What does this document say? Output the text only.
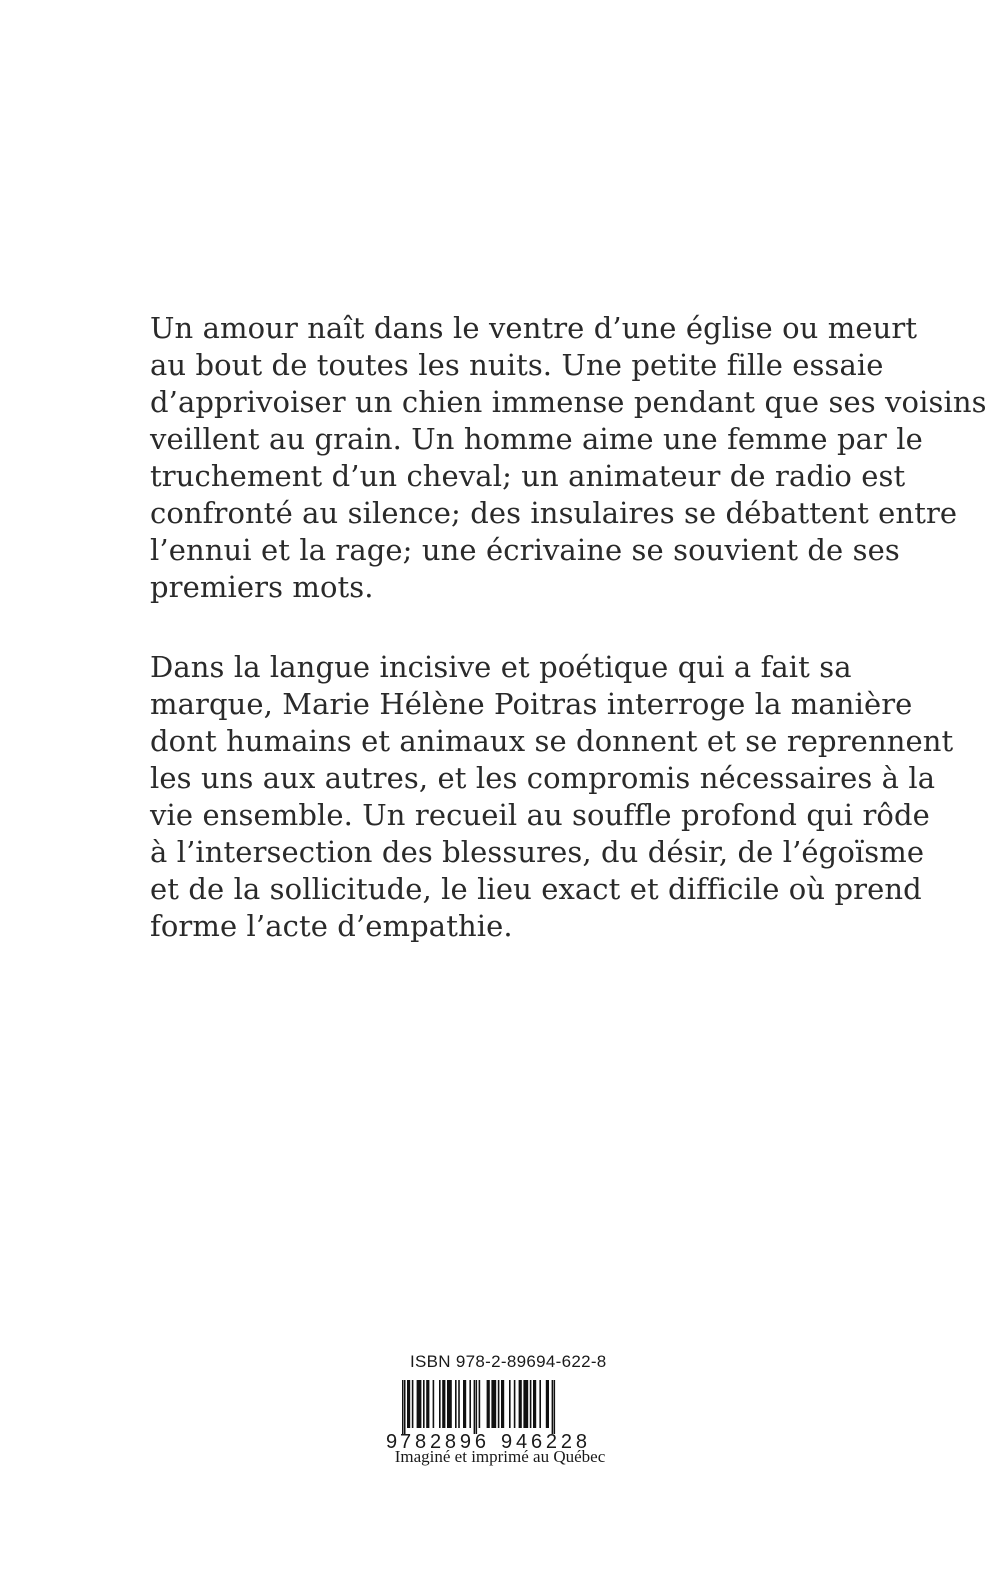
Un amour naît dans le ventre d’une église ou meurt
au bout de toutes les nuits. Une petite fille essaie
d’apprivoiser un chien immense pendant que ses voisins
veillent au grain. Un homme aime une femme par le
truchement d’un cheval; un animateur de radio est
confronté au silence; des insulaires se débattent entre
l’ennui et la rage; une écrivaine se souvient de ses
premiers mots.
Dans la langue incisive et poétique qui a fait sa
marque, Marie Hélène Poitras interroge la manière
dont humains et animaux se donnent et se reprennent
les uns aux autres, et les compromis nécessaires à la
vie ensemble. Un recueil au souffle profond qui rôde
à l’intersection des blessures, du désir, de l’égoïsme
et de la sollicitude, le lieu exact et difficile où prend
forme l’acte d’empathie.
ISBN 978-2-89694-622-8
9 782896 946228
Imaginé et imprimé au Québec
